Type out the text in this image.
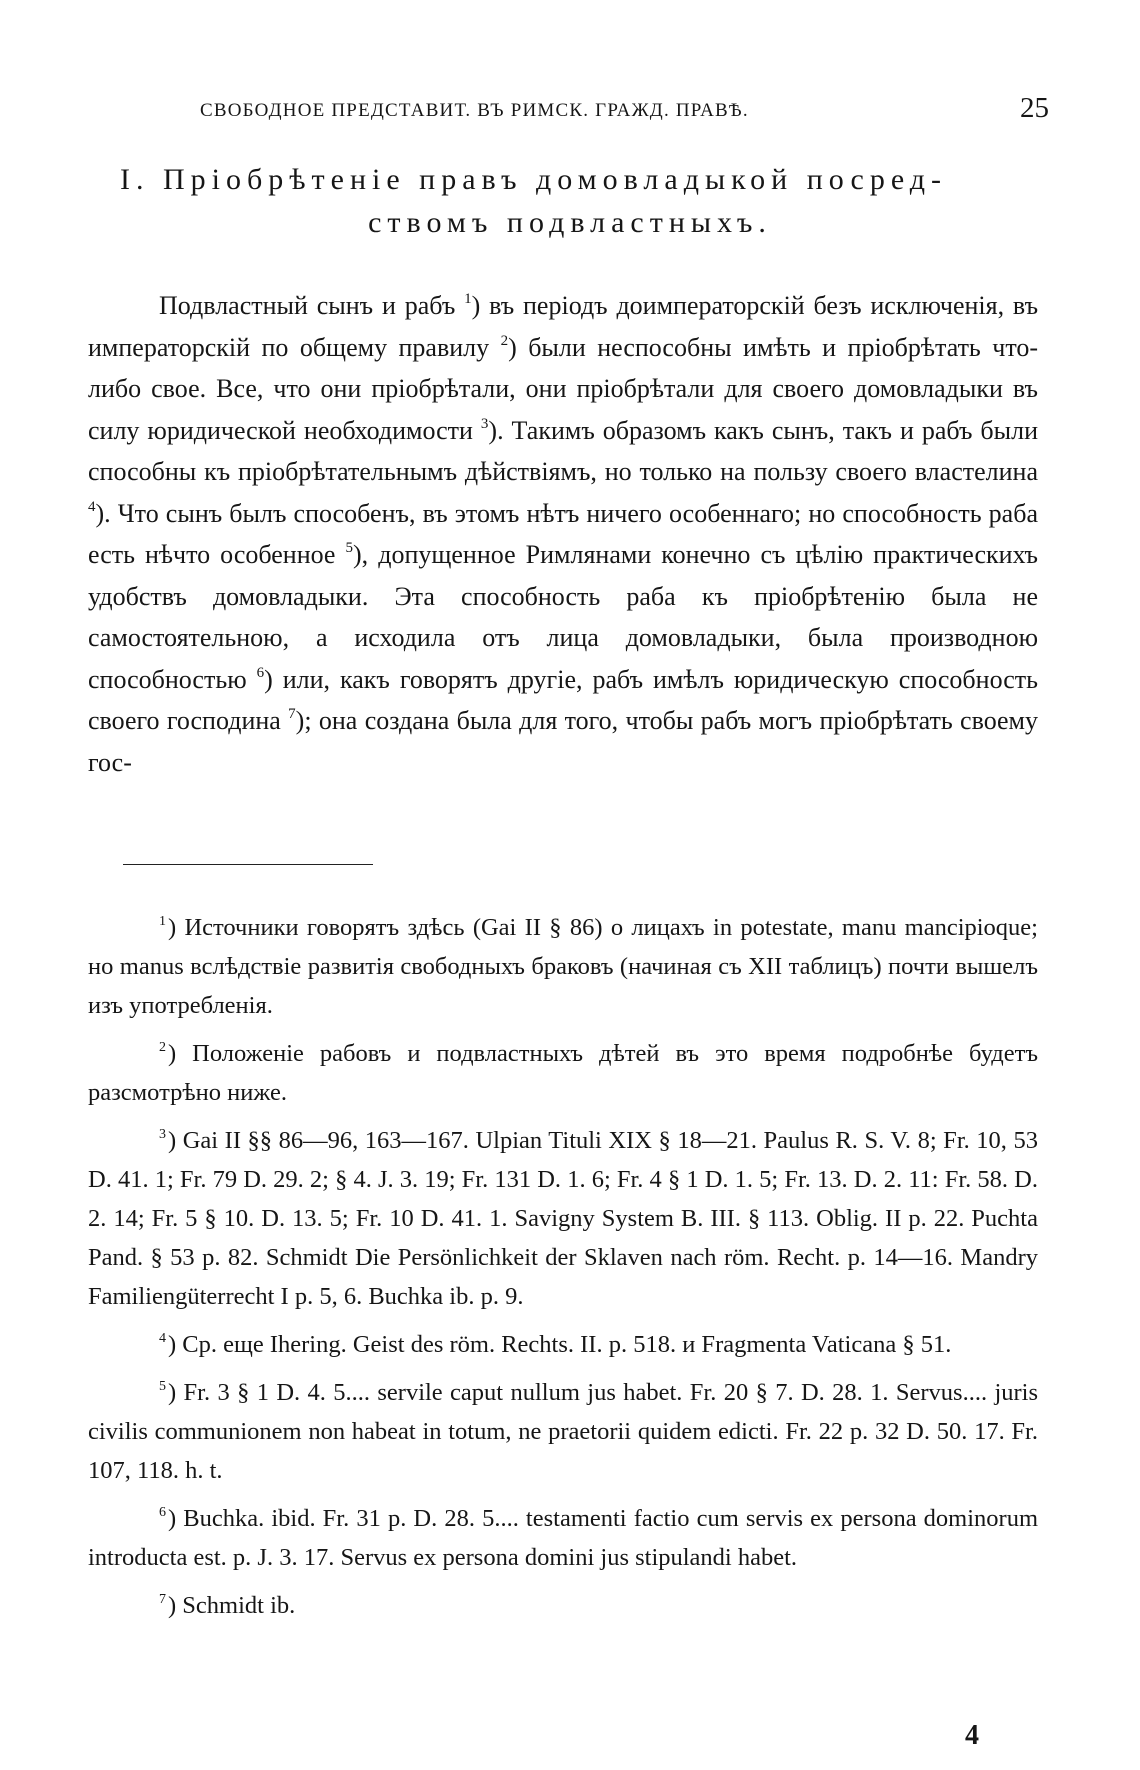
СВОБОДНОЕ ПРЕДСТАВИТ. ВЪ РИМСК. ГРАЖД. ПРАВѢ.	25
I. Пріобрѣтеніе правъ домовладыкой посред-
ствомъ подвластныхъ.
Подвластный сынъ и рабъ $^1$) въ періодъ доимператорскій безъ исключенія, въ императорскій по общему правилу $^2$) были неспособны имѣть и пріобрѣтать что-либо свое. Все, что они пріобрѣтали, они пріобрѣтали для своего домовладыки въ силу юридической необходимости $^3$). Такимъ образомъ какъ сынъ, такъ и рабъ были способны къ пріобрѣтательнымъ дѣйствіямъ, но только на пользу своего властелина $^4$). Что сынъ былъ способенъ, въ этомъ нѣтъ ничего особеннаго; но способность раба есть нѣчто особенное $^5$), допущенное Римлянами конечно съ цѣлію практическихъ удобствъ домовладыки. Эта способность раба къ пріобрѣтенію была не самостоятельною, а исходила отъ лица домовладыки, была производною способностью $^6$) или, какъ говорятъ другіе, рабъ имѣлъ юридическую способность своего господина $^7$); она создана была для того, чтобы рабъ могъ пріобрѣтать своему гос-

$^1$) Источники говорятъ здѣсь (Gai II § 86) о лицахъ in potestate, manu mancipioque; но manus вслѣдствіе развитія свободныхъ браковъ (начиная съ XII таблицъ) почти вышелъ изъ употребленія.

$^2$) Положеніе рабовъ и подвластныхъ дѣтей въ это время подробнѣе будетъ разсмотрѣно ниже.

$^3$) Gai II §§ 86—96, 163—167. Ulpian Tituli XIX § 18—21. Paulus R. S. V. 8; Fr. 10, 53 D. 41. 1; Fr. 79 D. 29. 2; § 4. J. 3. 19; Fr. 131 D. 1. 6; Fr. 4 § 1 D. 1. 5; Fr. 13. D. 2. 11: Fr. 58. D. 2. 14; Fr. 5 § 10. D. 13. 5; Fr. 10 D. 41. 1. Savigny System B. III. § 113. Oblig. II p. 22. Puchta Pand. § 53 p. 82. Schmidt Die Persönlichkeit der Sklaven nach röm. Recht. p. 14—16. Mandry Familiengüterrecht I p. 5, 6. Buchka ib. p. 9.

$^4$) Ср. еще Ihering. Geist des röm. Rechts. II. p. 518. и Fragmenta Vaticana § 51.

$^5$) Fr. 3 § 1 D. 4. 5.... servile caput nullum jus habet. Fr. 20 § 7. D. 28. 1. Servus.... juris civilis communionem non habeat in totum, ne praetorii quidem edicti. Fr. 22 p. 32 D. 50. 17. Fr. 107, 118. h. t.

$^6$) Buchka. ibid. Fr. 31 p. D. 28. 5.... testamenti factio cum servis ex persona dominorum introducta est. p. J. 3. 17. Servus ex persona domini jus stipulandi habet.

$^7$) Schmidt ib.

4
